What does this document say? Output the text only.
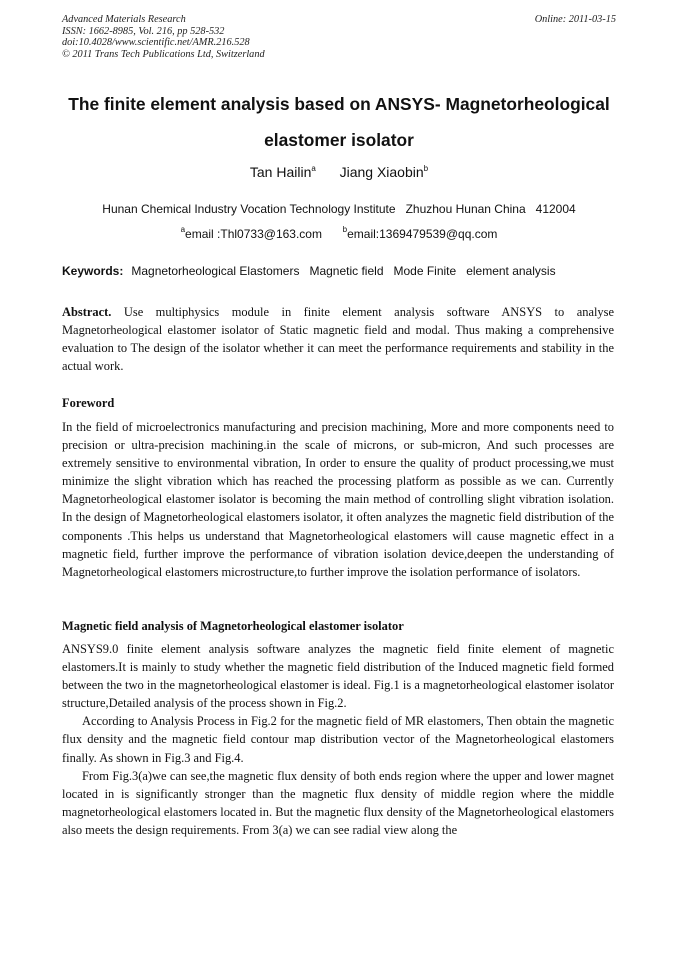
Advanced Materials Research
ISSN: 1662-8985, Vol. 216, pp 528-532
doi:10.4028/www.scientific.net/AMR.216.528
© 2011 Trans Tech Publications Ltd, Switzerland
Online: 2011-03-15
The finite element analysis based on ANSYS- Magnetorheological
elastomer isolator
Tan Hailin$^a$ Jiang Xiaobin$^b$
Hunan Chemical Industry Vocation Technology Institute   Zhuzhou Hunan China   412004
$^a$email :Thl0733@163.com	$^b$email:1369479539@qq.com
Keywords: Magnetorheological Elastomers   Magnetic field   Mode Finite   element analysis

Abstract. Use multiphysics module in finite element analysis software ANSYS to analyse Magnetorheological elastomer isolator of Static magnetic field and modal. Thus making a comprehensive evaluation to The design of the isolator whether it can meet the performance requirements and stability in the actual work.

Foreword

In the field of microelectronics manufacturing and precision machining, More and more components need to precision or ultra-precision machining.in the scale of microns, or sub-micron, And such processes are extremely sensitive to environmental vibration, In order to ensure the quality of product processing,we must minimize the slight vibration which has reached the processing platform as possible as we can. Currently Magnetorheological elastomer isolator is becoming the main method of controlling slight vibration isolation. In the design of Magnetorheological elastomers isolator, it often analyzes the magnetic field distribution of the components .This helps us understand that Magnetorheological elastomers will cause magnetic effect in a magnetic field, further improve the performance of vibration isolation device,deepen the understanding of Magnetorheological elastomers microstructure,to further improve the isolation performance of isolators.

Magnetic field analysis of Magnetorheological elastomer isolator

ANSYS9.0 finite element analysis software analyzes the magnetic field finite element of magnetic elastomers.It is mainly to study whether the magnetic field distribution of the Induced magnetic field formed between the two in the magnetorheological elastomer is ideal. Fig.1 is a magnetorheological elastomer isolator structure,Detailed analysis of the process shown in Fig.2.

According to Analysis Process in Fig.2 for the magnetic field of MR elastomers, Then obtain the magnetic flux density and the magnetic field contour map distribution vector of the Magnetorheological elastomers finally. As shown in Fig.3 and Fig.4.

From Fig.3(a)we can see,the magnetic flux density of both ends region where the upper and lower magnet located in is significantly stronger than the magnetic flux density of middle region where the middle magnetorheological elastomers located in. But the magnetic flux density of the Magnetorheological elastomers also meets the design requirements. From 3(a) we can see radial view along the
